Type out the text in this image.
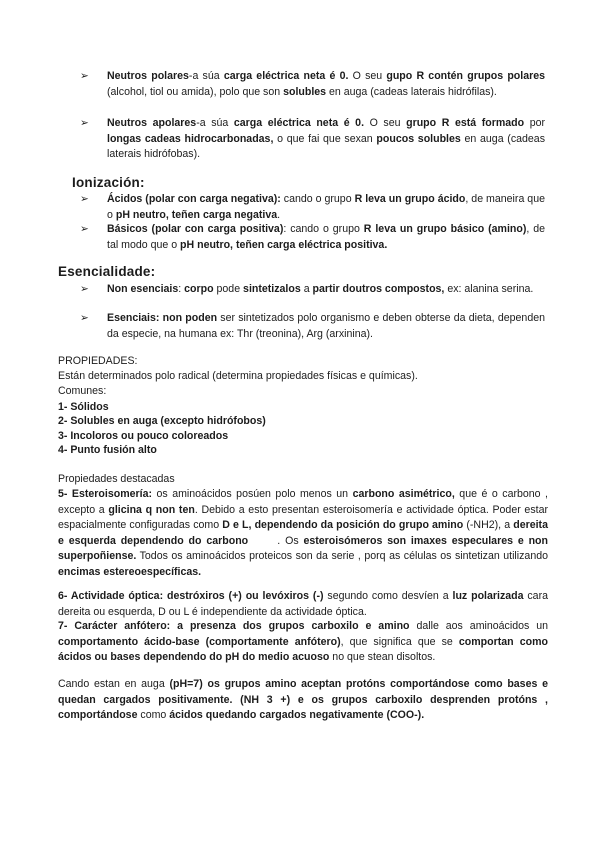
➢	Neutros polares-a súa carga eléctrica neta é 0. O seu gupo R contén grupos polares (alcohol, tiol ou amida), polo que son solubles en auga (cadeas laterais hidrófilas).
➢	Neutros apolares-a súa carga eléctrica neta é 0. O seu grupo R está formado por longas cadeas hidrocarbonadas, o que fai que sexan poucos solubles en auga (cadeas laterais hidrófobas).
Ionización:
➢	Ácidos (polar con carga negativa): cando o grupo R leva un grupo ácido, de maneira que o pH neutro, teñen carga negativa.
➢	Básicos (polar con carga positiva): cando o grupo R leva un grupo básico (amino), de tal modo que o pH neutro, teñen carga eléctrica positiva.
Esencialidade:
➢	Non esenciais: corpo pode sintetizalos a partir doutros compostos, ex: alanina serina.
➢	Esenciais: non poden ser sintetizados polo organismo e deben obterse da dieta, dependen da especie, na humana ex: Thr (treonina), Arg (arxinina).
PROPIEDADES:
Están determinados polo radical (determina propiedades físicas e químicas).
Comunes:
1- Sólidos
2- Solubles en auga (excepto hidrófobos)
3- Incoloros ou pouco coloreados
4- Punto fusión alto
Propiedades destacadas
5- Esteroisomería: os aminoácidos posúen polo menos un carbono asimétrico, que é o carbono , excepto a glicina q non ten. Debido a esto presentan esteroisomería e actividade óptica. Poder estar espacialmente configuradas como D e L, dependendo da posición do grupo amino (-NH2), a dereita e esquerda dependendo do carbono      . Os esteroisómeros son imaxes especulares e non superpoñiense. Todos os aminoácidos proteicos son da serie , porq as células os sintetizan utilizando encimas estereoespecíficas.
6- Actividade óptica: destróxiros (+) ou levóxiros (-) segundo como desvíen a luz polarizada cara dereita ou esquerda, D ou L é independiente da actividade óptica.
7- Carácter anfótero: a presenza dos grupos carboxilo e amino dalle aos aminoácidos un comportamento ácido-base (comportamente anfótero), que significa que se comportan como ácidos ou bases dependendo do pH do medio acuoso no que stean disoltos.
Cando estan en auga (pH=7) os grupos amino aceptan protóns comportándose como bases e quedan cargados positivamente. (NH 3 +) e os grupos carboxilo desprenden protóns , comportándose como ácidos quedando cargados negativamente (COO-).
